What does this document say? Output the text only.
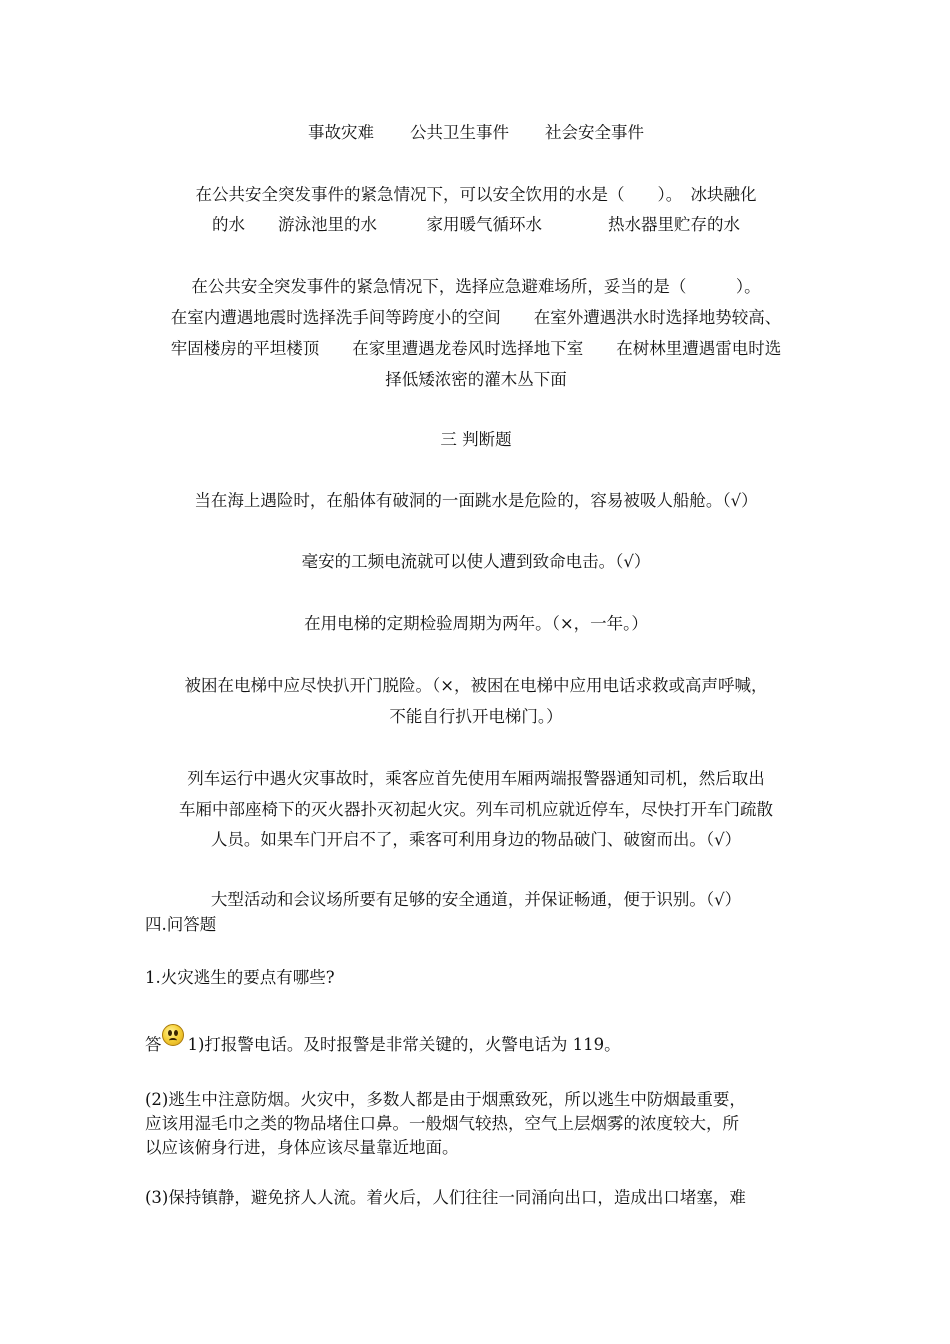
事故灾难 公共卫生事件 社会安全事件
在公共安全突发事件的紧急情况下，可以安全饮用的水是（　　）。　冰块融化
的水　　游泳池里的水　　　家用暖气循环水　　　　热水器里贮存的水
在公共安全突发事件的紧急情况下，选择应急避难场所，妥当的是（　　　）。
在室内遭遇地震时选择洗手间等跨度小的空间　　在室外遭遇洪水时选择地势较高、
牢固楼房的平坦楼顶　　在家里遭遇龙卷风时选择地下室　　在树林里遭遇雷电时选
择低矮浓密的灌木丛下面
三 判断题
当在海上遇险时，在船体有破洞的一面跳水是危险的，容易被吸人船舱。（√）
毫安的工频电流就可以使人遭到致命电击。（√）
在用电梯的定期检验周期为两年。（×，一年。）
被困在电梯中应尽快扒开门脱险。（×，被困在电梯中应用电话求救或高声呼喊，
不能自行扒开电梯门。）
列车运行中遇火灾事故时，乘客应首先使用车厢两端报警器通知司机，然后取出
车厢中部座椅下的灭火器扑灭初起火灾。列车司机应就近停车，尽快打开车门疏散
人员。如果车门开启不了，乘客可利用身边的物品破门、破窗而出。（√）
大型活动和会议场所要有足够的安全通道，并保证畅通，便于识别。（√）
四.问答题
1.火灾逃生的要点有哪些?
答 1)打报警电话。及时报警是非常关键的，火警电话为 119。
(2)逃生中注意防烟。火灾中，多数人都是由于烟熏致死，所以逃生中防烟最重要，
应该用湿毛巾之类的物品堵住口鼻。一般烟气较热，空气上层烟雾的浓度较大，所
以应该俯身行进，身体应该尽量靠近地面。
(3)保持镇静，避免挤人人流。着火后，人们往往一同涌向出口，造成出口堵塞，难
